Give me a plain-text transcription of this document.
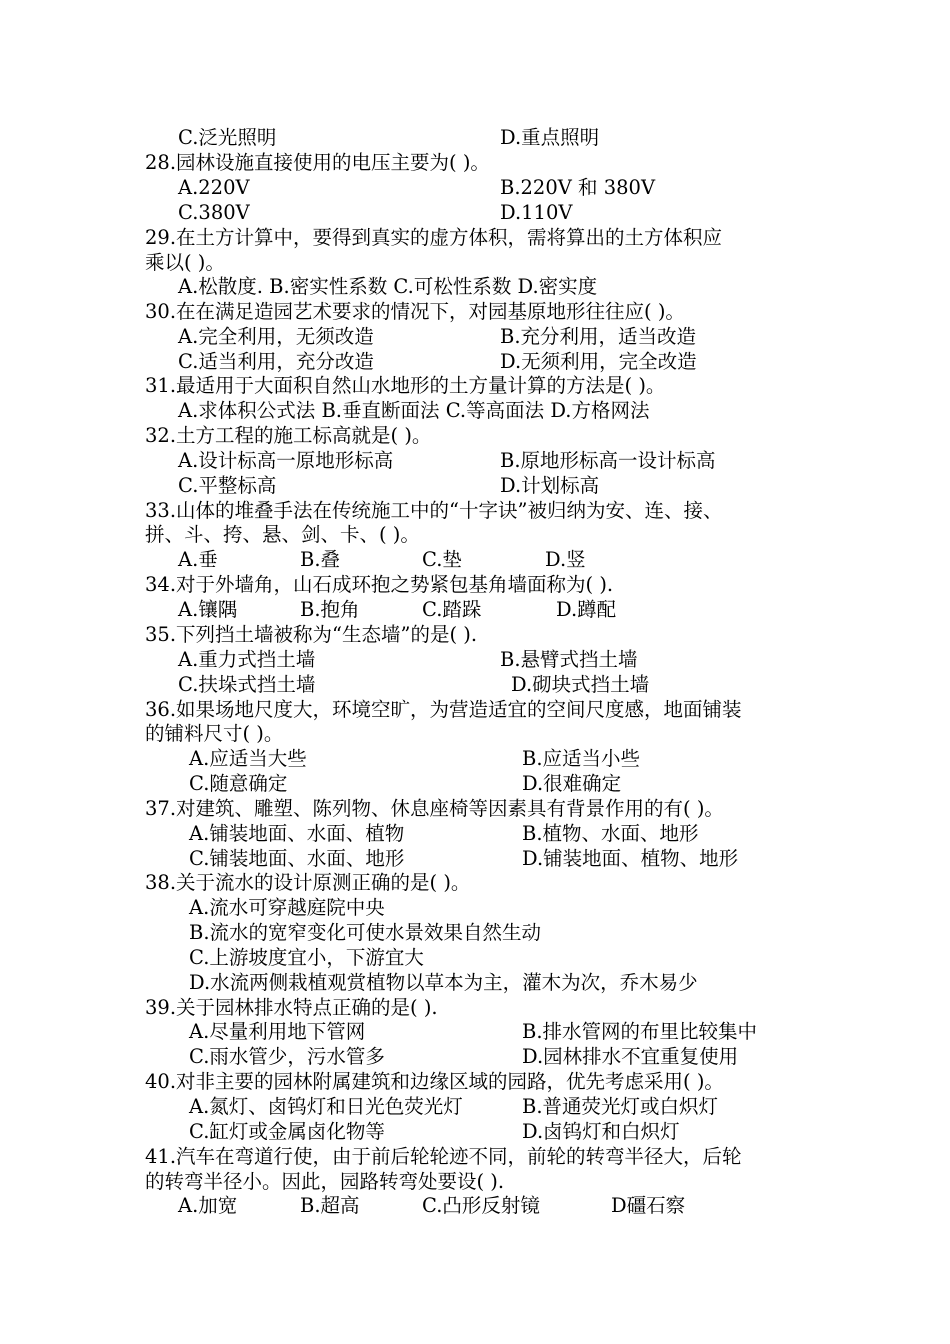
C.泛光照明	D.重点照明
28.园林设施直接使用的电压主要为( )。
A.220V	B.220V 和 380V
C.380V	D.110V
29.在土方计算中，要得到真实的虚方体积，需将算出的土方体积应
乘以( )。
A.松散度. B.密实性系数 C.可松性系数 D.密实度
30.在在满足造园艺术要求的情况下，对园基原地形往往应( )。
A.完全利用，无须改造	B.充分利用，适当改造
C.适当利用，充分改造	D.无须利用，完全改造
31.最适用于大面积自然山水地形的土方量计算的方法是( )。
A.求体积公式法 B.垂直断面法 C.等高面法 D.方格网法
32.土方工程的施工标高就是( )。
A.设计标高一原地形标高	B.原地形标高一设计标高
C.平整标高	D.计划标高
33.山体的堆叠手法在传统施工中的“十字诀”被归纳为安、连、接、
拼、斗、挎、悬、剑、卡、( )。
A.垂	B.叠	C.垫	D.竖
34.对于外墙角，山石成环抱之势紧包基角墙面称为( ).
A.镶隅	B.抱角	C.踏跺	D.蹲配
35.下列挡土墙被称为“生态墙”的是( ).
A.重力式挡土墙	B.悬臂式挡土墙
C.扶垛式挡土墙	D.砌块式挡土墙
36.如果场地尺度大，环境空旷，为营造适宜的空间尺度感，地面铺装
的铺料尺寸( )。
A.应适当大些	B.应适当小些
C.随意确定	D.很难确定
37.对建筑、雕塑、陈列物、休息座椅等因素具有背景作用的有( )。
A.铺装地面、水面、植物	B.植物、水面、地形
C.铺装地面、水面、地形	D.铺装地面、植物、地形
38.关于流水的设计原测正确的是( )。
A.流水可穿越庭院中央
B.流水的宽窄变化可使水景效果自然生动
C.上游坡度宜小，下游宜大
D.水流两侧栽植观赏植物以草本为主，灌木为次，乔木易少
39.关于园林排水特点正确的是( ).
A.尽量利用地下管网	B.排水管网的布里比较集中
C.雨水管少，污水管多	D.园林排水不宜重复使用
40.对非主要的园林附属建筑和边缘区域的园路，优先考虑采用( )。
A.氮灯、卤钨灯和日光色荧光灯	B.普通荧光灯或白炽灯
C.缸灯或金属卤化物等	D.卤钨灯和白炽灯
41.汽车在弯道行使，由于前后轮轮迹不同，前轮的转弯半径大，后轮
的转弯半径小。因此，园路转弯处要设( ).
A.加宽	B.超高	C.凸形反射镜	D礓石察
